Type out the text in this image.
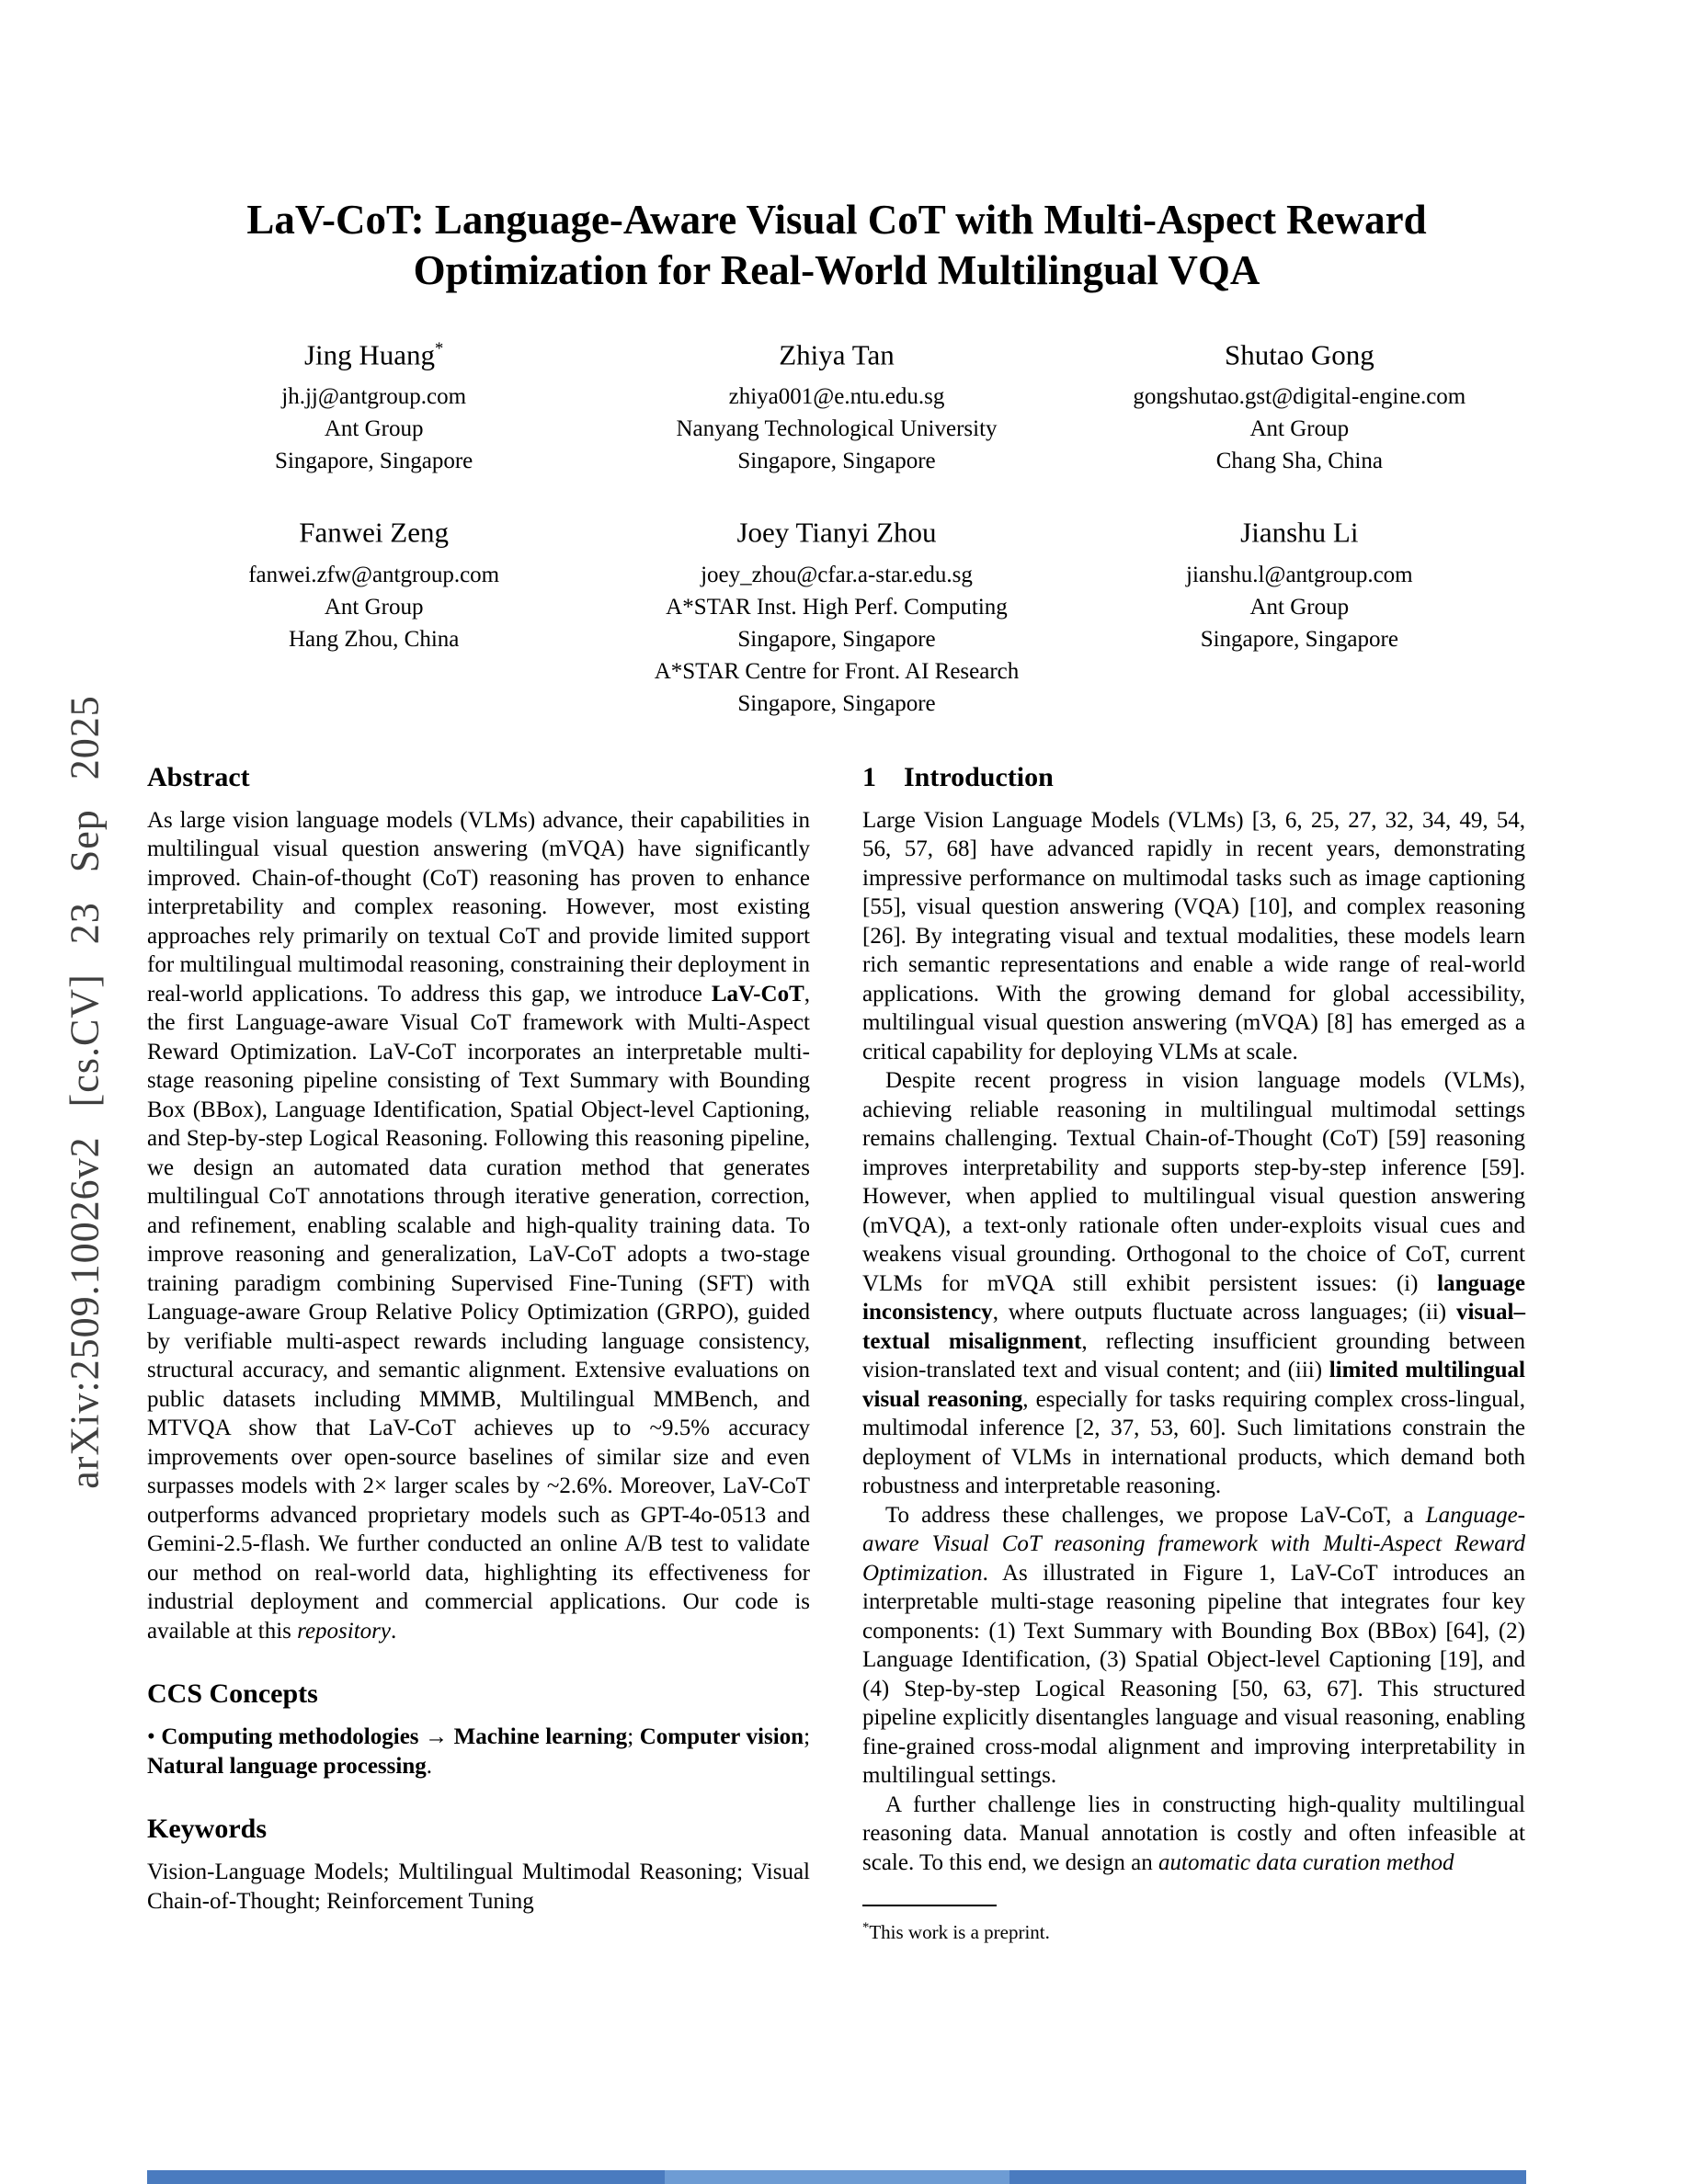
arXiv:2509.10026v2 [cs.CV] 23 Sep 2025
LaV-CoT: Language-Aware Visual CoT with Multi-Aspect Reward
Optimization for Real-World Multilingual VQA
Jing Huang*
jh.jj@antgroup.com
Ant Group
Singapore, Singapore
Zhiya Tan
zhiya001@e.ntu.edu.sg
Nanyang Technological University
Singapore, Singapore
Shutao Gong
gongshutao.gst@digital-engine.com
Ant Group
Chang Sha, China
Fanwei Zeng
fanwei.zfw@antgroup.com
Ant Group
Hang Zhou, China
Joey Tianyi Zhou
joey_zhou@cfar.a-star.edu.sg
A*STAR Inst. High Perf. Computing
Singapore, Singapore
A*STAR Centre for Front. AI Research
Singapore, Singapore
Jianshu Li
jianshu.l@antgroup.com
Ant Group
Singapore, Singapore
Abstract

As large vision language models (VLMs) advance, their capabilities in multilingual visual question answering (mVQA) have significantly improved. Chain-of-thought (CoT) reasoning has proven to enhance interpretability and complex reasoning. However, most existing approaches rely primarily on textual CoT and provide limited support for multilingual multimodal reasoning, constraining their deployment in real-world applications. To address this gap, we introduce LaV-CoT, the first Language-aware Visual CoT framework with Multi-Aspect Reward Optimization. LaV-CoT incorporates an interpretable multi-stage reasoning pipeline consisting of Text Summary with Bounding Box (BBox), Language Identification, Spatial Object-level Captioning, and Step-by-step Logical Reasoning. Following this reasoning pipeline, we design an automated data curation method that generates multilingual CoT annotations through iterative generation, correction, and refinement, enabling scalable and high-quality training data. To improve reasoning and generalization, LaV-CoT adopts a two-stage training paradigm combining Supervised Fine-Tuning (SFT) with Language-aware Group Relative Policy Optimization (GRPO), guided by verifiable multi-aspect rewards including language consistency, structural accuracy, and semantic alignment. Extensive evaluations on public datasets including MMMB, Multilingual MMBench, and MTVQA show that LaV-CoT achieves up to ~9.5% accuracy improvements over open-source baselines of similar size and even surpasses models with 2× larger scales by ~2.6%. Moreover, LaV-CoT outperforms advanced proprietary models such as GPT-4o-0513 and Gemini-2.5-flash. We further conducted an online A/B test to validate our method on real-world data, highlighting its effectiveness for industrial deployment and commercial applications. Our code is available at this repository.

CCS Concepts

• Computing methodologies → Machine learning; Computer vision; Natural language processing.

Keywords

Vision-Language Models; Multilingual Multimodal Reasoning; Visual Chain-of-Thought; Reinforcement Tuning

1 Introduction

Large Vision Language Models (VLMs) [3, 6, 25, 27, 32, 34, 49, 54, 56, 57, 68] have advanced rapidly in recent years, demonstrating impressive performance on multimodal tasks such as image captioning [55], visual question answering (VQA) [10], and complex reasoning [26]. By integrating visual and textual modalities, these models learn rich semantic representations and enable a wide range of real-world applications. With the growing demand for global accessibility, multilingual visual question answering (mVQA) [8] has emerged as a critical capability for deploying VLMs at scale.

Despite recent progress in vision language models (VLMs), achieving reliable reasoning in multilingual multimodal settings remains challenging. Textual Chain-of-Thought (CoT) [59] reasoning improves interpretability and supports step-by-step inference [59]. However, when applied to multilingual visual question answering (mVQA), a text-only rationale often under-exploits visual cues and weakens visual grounding. Orthogonal to the choice of CoT, current VLMs for mVQA still exhibit persistent issues: (i) language inconsistency, where outputs fluctuate across languages; (ii) visual–textual misalignment, reflecting insufficient grounding between vision-translated text and visual content; and (iii) limited multilingual visual reasoning, especially for tasks requiring complex cross-lingual, multimodal inference [2, 37, 53, 60]. Such limitations constrain the deployment of VLMs in international products, which demand both robustness and interpretable reasoning.

To address these challenges, we propose LaV-CoT, a Language-aware Visual CoT reasoning framework with Multi-Aspect Reward Optimization. As illustrated in Figure 1, LaV-CoT introduces an interpretable multi-stage reasoning pipeline that integrates four key components: (1) Text Summary with Bounding Box (BBox) [64], (2) Language Identification, (3) Spatial Object-level Captioning [19], and (4) Step-by-step Logical Reasoning [50, 63, 67]. This structured pipeline explicitly disentangles language and visual reasoning, enabling fine-grained cross-modal alignment and improving interpretability in multilingual settings.

A further challenge lies in constructing high-quality multilingual reasoning data. Manual annotation is costly and often infeasible at scale. To this end, we design an automatic data curation method

*This work is a preprint.
